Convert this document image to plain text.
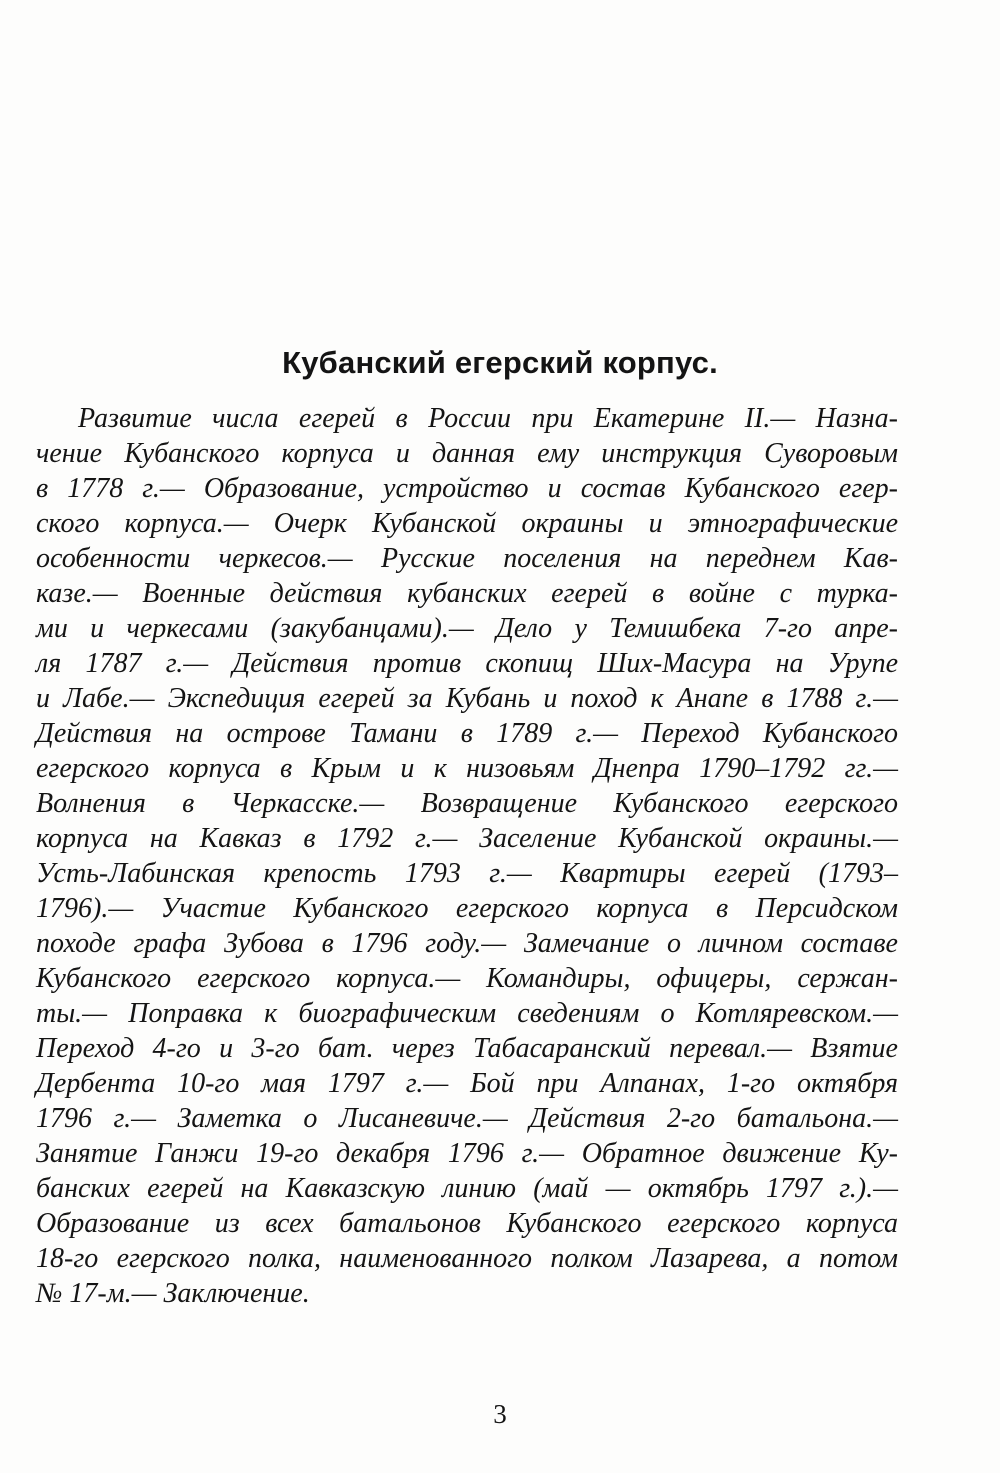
Кубанский егерский корпус.
Развитие числа егерей в России при Екатерине II.— Назна-
чение Кубанского корпуса и данная ему инструкция Суворовым
в 1778 г.— Образование, устройство и состав Кубанского егер-
ского корпуса.— Очерк Кубанской окраины и этнографические
особенности черкесов.— Русские поселения на переднем Кав-
казе.— Военные действия кубанских егерей в войне с турка-
ми и черкесами (закубанцами).— Дело у Темишбека 7-го апре-
ля 1787 г.— Действия против скопищ Ших-Масура на Урупе
и Лабе.— Экспедиция егерей за Кубань и поход к Анапе в 1788 г.—
Действия на острове Тамани в 1789 г.— Переход Кубанского
егерского корпуса в Крым и к низовьям Днепра 1790–1792 гг.—
Волнения в Черкасске.— Возвращение Кубанского егерского
корпуса на Кавказ в 1792 г.— Заселение Кубанской окраины.—
Усть-Лабинская крепость 1793 г.— Квартиры егерей (1793–
1796).— Участие Кубанского егерского корпуса в Персидском
походе графа Зубова в 1796 году.— Замечание о личном составе
Кубанского егерского корпуса.— Командиры, офицеры, сержан-
ты.— Поправка к биографическим сведениям о Котляревском.—
Переход 4-го и 3-го бат. через Табасаранский перевал.— Взятие
Дербента 10-го мая 1797 г.— Бой при Алпанах, 1-го октября
1796 г.— Заметка о Лисаневиче.— Действия 2-го батальона.—
Занятие Ганжи 19-го декабря 1796 г.— Обратное движение Ку-
банских егерей на Кавказскую линию (май — октябрь 1797 г.).—
Образование из всех батальонов Кубанского егерского корпуса
18-го егерского полка, наименованного полком Лазарева, а потом
№ 17-м.— Заключение.
3
